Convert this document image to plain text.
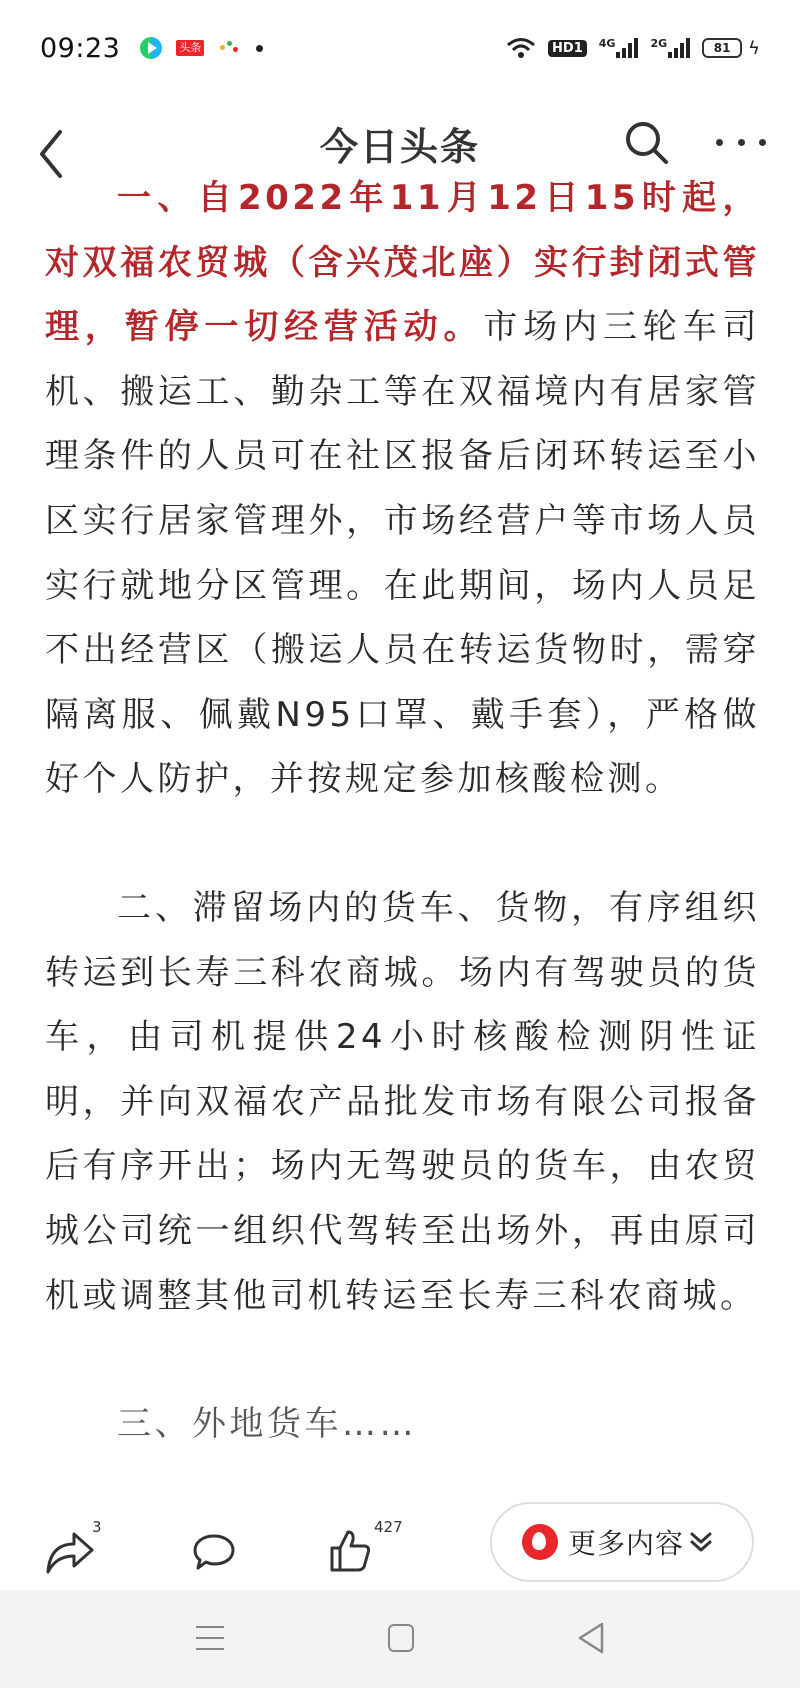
09:23	头条	HD1	4G	2G	81 ϟ
今日头条

一、自2022年11月12日15时起，对双福农贸城（含兴茂北座）实行封闭式管理，暂停一切经营活动。市场内三轮车司机、搬运工、勤杂工等在双福境内有居家管理条件的人员可在社区报备后闭环转运至小区实行居家管理外，市场经营户等市场人员实行就地分区管理。在此期间，场内人员足不出经营区（搬运人员在转运货物时，需穿隔离服、佩戴N95口罩、戴手套），严格做好个人防护，并按规定参加核酸检测。

二、滞留场内的货车、货物，有序组织转运到长寿三科农商城。场内有驾驶员的货车，由司机提供24小时核酸检测阴性证明，并向双福农产品批发市场有限公司报备后有序开出；场内无驾驶员的货车，由农贸城公司统一组织代驾转至出场外，再由原司机或调整其他司机转运至长寿三科农商城。

三、外地货车……

3	427	更多内容
